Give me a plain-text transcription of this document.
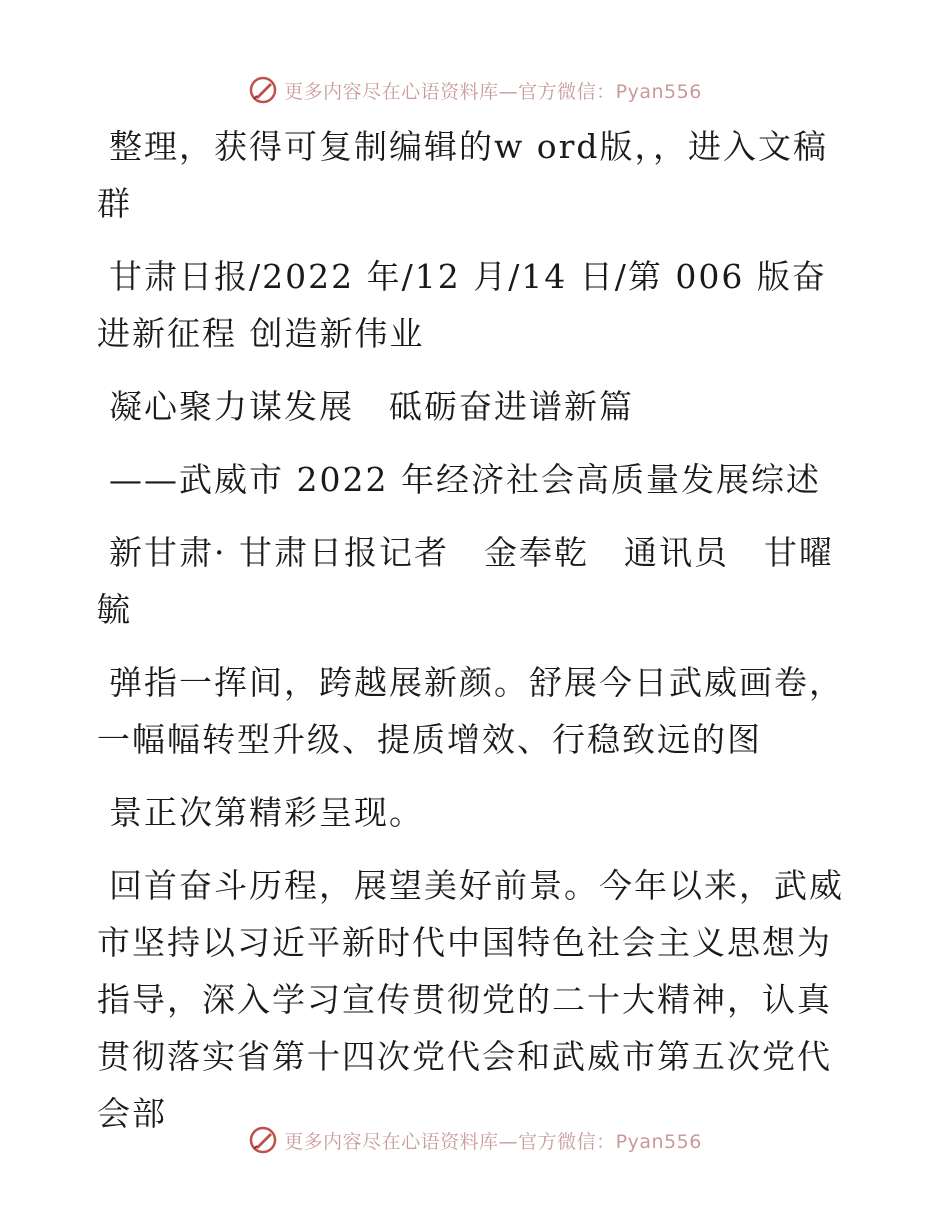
更多内容尽在心语资料库—官方微信：Pyan556

整理，获得可复制编辑的w ord版，，进入文稿群

甘肃日报/2022 年/12 月/14 日/第 006 版奋进新征程 创造新伟业

凝心聚力谋发展　砥砺奋进谱新篇

——武威市 2022 年经济社会高质量发展综述

新甘肃· 甘肃日报记者　金奉乾　通讯员　甘曜毓

弹指一挥间，跨越展新颜。舒展今日武威画卷，一幅幅转型升级、提质增效、行稳致远的图

景正次第精彩呈现。

回首奋斗历程，展望美好前景。今年以来，武威市坚持以习近平新时代中国特色社会主义思想为指导，深入学习宣传贯彻党的二十大精神，认真贯彻落实省第十四次党代会和武威市第五次党代会部

更多内容尽在心语资料库—官方微信：Pyan556
